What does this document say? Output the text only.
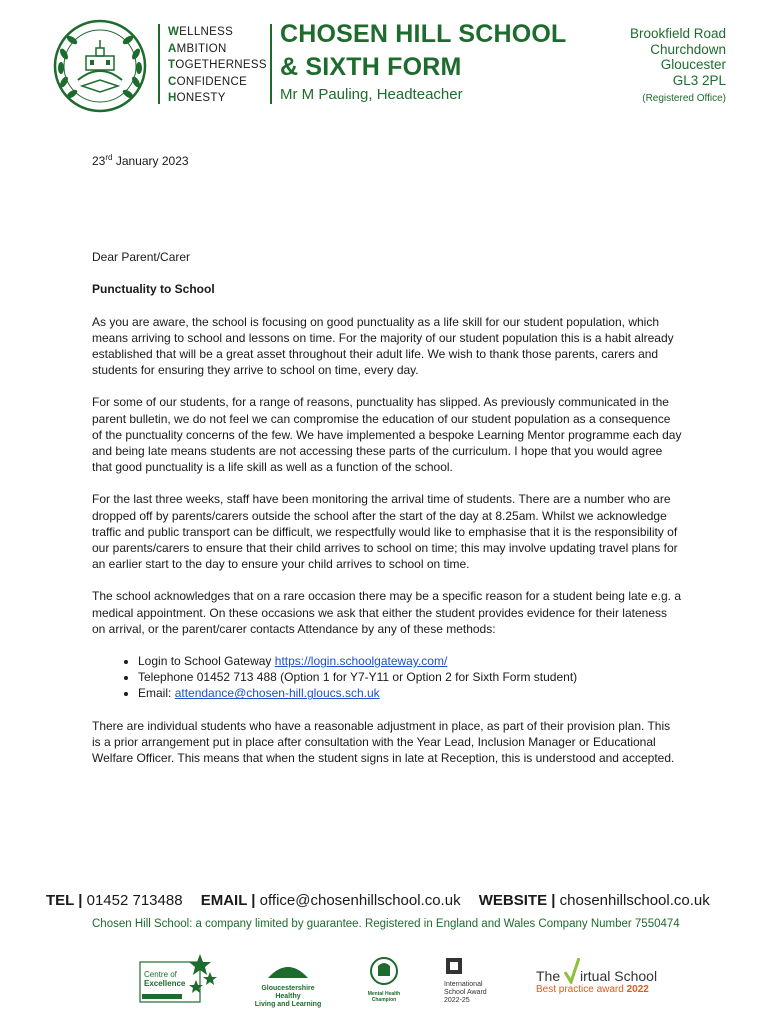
WELLNESS
AMBITION
TOGETHERNESS
CONFIDENCE
HONESTY
CHOSEN HILL SCHOOL
& SIXTH FORM
Mr M Pauling, Headteacher
Brookfield Road
Churchdown
Gloucester
GL3 2PL
(Registered Office)

23rd January 2023

Dear Parent/Carer

Punctuality to School

As you are aware, the school is focusing on good punctuality as a life skill for our student population, which means arriving to school and lessons on time. For the majority of our student population this is a habit already established that will be a great asset throughout their adult life. We wish to thank those parents, carers and students for ensuring they arrive to school on time, every day.

For some of our students, for a range of reasons, punctuality has slipped. As previously communicated in the parent bulletin, we do not feel we can compromise the education of our student population as a consequence of the punctuality concerns of the few. We have implemented a bespoke Learning Mentor programme each day and being late means students are not accessing these parts of the curriculum. I hope that you would agree that good punctuality is a life skill as well as a function of the school.

For the last three weeks, staff have been monitoring the arrival time of students. There are a number who are dropped off by parents/carers outside the school after the start of the day at 8.25am. Whilst we acknowledge traffic and public transport can be difficult, we respectfully would like to emphasise that it is the responsibility of our parents/carers to ensure that their child arrives to school on time; this may involve updating travel plans for an earlier start to the day to ensure your child arrives to school on time.

The school acknowledges that on a rare occasion there may be a specific reason for a student being late e.g. a medical appointment. On these occasions we ask that either the student provides evidence for their lateness on arrival, or the parent/carer contacts Attendance by any of these methods:

• Login to School Gateway https://login.schoolgateway.com/
• Telephone 01452 713 488 (Option 1 for Y7-Y11 or Option 2 for Sixth Form student)
• Email: attendance@chosen-hill.gloucs.sch.uk

There are individual students who have a reasonable adjustment in place, as part of their provision plan. This is a prior arrangement put in place after consultation with the Year Lead, Inclusion Manager or Educational Welfare Officer. This means that when the student signs in late at Reception, this is understood and accepted.

TEL | 01452 713488 EMAIL | office@chosenhillschool.co.uk WEBSITE | chosenhillschool.co.uk
Chosen Hill School: a company limited by guarantee. Registered in England and Wales Company Number 7550474
Centre of
Excellence
Gloucestershire
Healthy
Living and Learning
Mental Health
Champion
International
School Award
2022-25
The irtual School
Best practice award 2022
